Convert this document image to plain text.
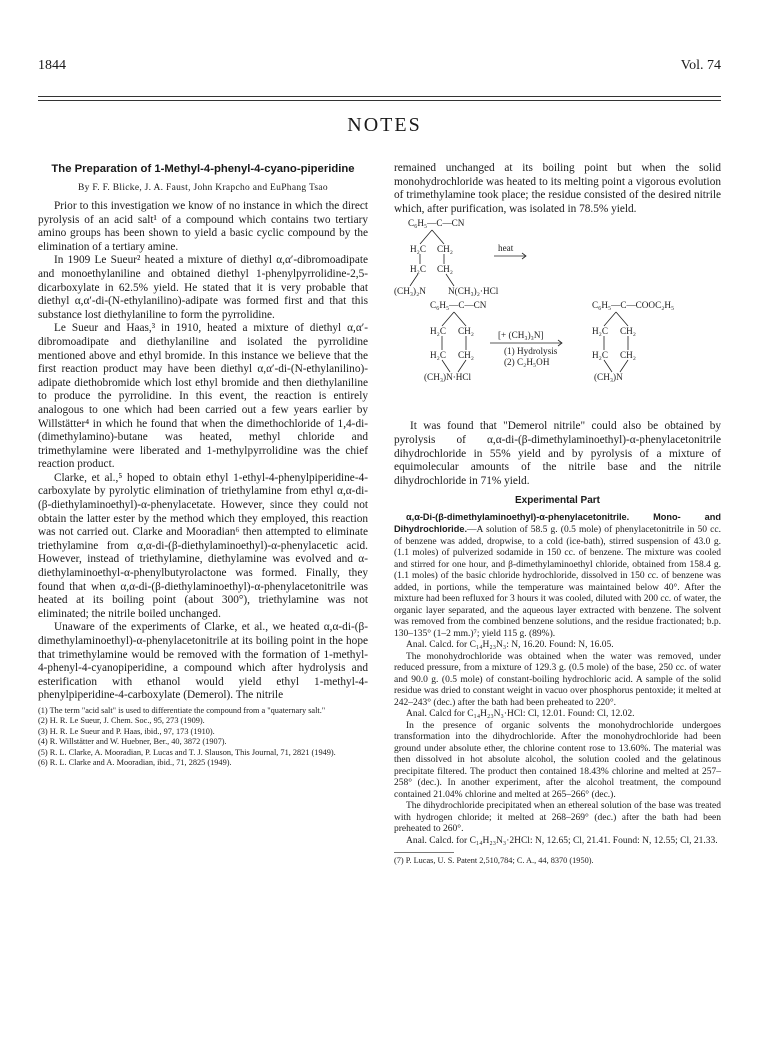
1844	Vol. 74
NOTES
The Preparation of 1-Methyl-4-phenyl-4-cyano-piperidine
By F. F. Blicke, J. A. Faust, John Krapcho and EuPhang Tsao

Prior to this investigation we know of no instance in which the direct pyrolysis of an acid salt¹ of a compound which contains two tertiary amino groups has been shown to yield a basic cyclic compound by the elimination of a tertiary amine.

In 1909 Le Sueur² heated a mixture of diethyl α,α′-dibromoadipate and monoethylaniline and obtained diethyl 1-phenylpyrrolidine-2,5-dicarboxylate in 62.5% yield. He stated that it is very probable that diethyl α,α′-di-(N-ethylanilino)-adipate was formed first and that this substance lost diethylaniline to form the pyrrolidine.

Le Sueur and Haas,³ in 1910, heated a mixture of diethyl α,α′-dibromoadipate and diethylaniline and isolated the pyrrolidine mentioned above and ethyl bromide. In this instance we believe that the first reaction product may have been diethyl α,α′-di-(N-ethylanilino)-adipate diethobromide which lost ethyl bromide and then diethylaniline to produce the pyrrolidine. In this event, the reaction is entirely analogous to one which had been carried out a few years earlier by Willstätter⁴ in which he found that when the dimethochloride of 1,4-di-(dimethylamino)-butane was heated, methyl chloride and trimethylamine were liberated and 1-methylpyrrolidine was the chief reaction product.

Clarke, et al.,⁵ hoped to obtain ethyl 1-ethyl-4-phenylpiperidine-4-carboxylate by pyrolytic elimination of triethylamine from ethyl α,α-di-(β-diethylaminoethyl)-α-phenylacetate. However, since they could not obtain the latter ester by the method which they employed, this reaction was not carried out. Clarke and Mooradian⁶ then attempted to eliminate triethylamine from α,α-di-(β-diethylaminoethyl)-α-phenylacetic acid. However, instead of triethylamine, diethylamine was evolved and α-diethylaminoethyl-α-phenylbutyrolactone was formed. Finally, they found that when α,α-di-(β-diethylaminoethyl)-α-phenylacetonitrile was heated at its boiling point (about 300°), triethylamine was not eliminated; the nitrile boiled unchanged.

Unaware of the experiments of Clarke, et al., we heated α,α-di-(β-dimethylaminoethyl)-α-phenylacetonitrile at its boiling point in the hope that trimethylamine would be removed with the formation of 1-methyl-4-phenyl-4-cyanopiperidine, a compound which after hydrolysis and esterification with ethanol would yield ethyl 1-methyl-4-phenylpiperidine-4-carboxylate (Demerol). The nitrile

(1) The term "acid salt" is used to differentiate the compound from a "quaternary salt."
(2) H. R. Le Sueur, J. Chem. Soc., 95, 273 (1909).
(3) H. R. Le Sueur and P. Haas, ibid., 97, 173 (1910).
(4) R. Willstätter and W. Huebner, Ber., 40, 3872 (1907).
(5) R. L. Clarke, A. Mooradian, P. Lucas and T. J. Slauson, This Journal, 71, 2821 (1949).
(6) R. L. Clarke and A. Mooradian, ibid., 71, 2825 (1949).

remained unchanged at its boiling point but when the solid monohydrochloride was heated to its melting point a vigorous evolution of trimethylamine took place; the residue consisted of the desired nitrile which, after purification, was isolated in 78.5% yield.

C₆H₅—C—CN
H₂C CH₂
H₂C CH₂
(CH₃)₂N N(CH₃)₂·HCl
heat
C₆H₅—C—CN
H₂C CH₂
H₂C CH₂
(CH₃)N·HCl
[+ (CH₃)₃N]
(1) Hydrolysis
(2) C₂H₅OH
C₆H₅—C—COOC₂H₅
H₂C CH₂
H₂C CH₂
(CH₃)N

It was found that "Demerol nitrile" could also be obtained by pyrolysis of α,α-di-(β-dimethylaminoethyl)-α-phenylacetonitrile dihydrochloride in 55% yield and by pyrolysis of a mixture of equimolecular amounts of the nitrile base and the nitrile dihydrochloride in 71% yield.

Experimental Part

α,α-Di-(β-dimethylaminoethyl)-α-phenylacetonitrile. Mono- and Dihydrochloride.—A solution of 58.5 g. (0.5 mole) of phenylacetonitrile in 50 cc. of benzene was added, dropwise, to a cold (ice-bath), stirred suspension of 43.0 g. (1.1 moles) of pulverized sodamide in 150 cc. of benzene. The mixture was cooled and stirred for one hour, and β-dimethylaminoethyl chloride, obtained from 158.4 g. (1.1 moles) of the basic chloride hydrochloride, dissolved in 150 cc. of benzene was added, in portions, while the temperature was maintained below 40°. After the mixture had been refluxed for 3 hours it was cooled, diluted with 200 cc. of water, the organic layer separated, and the aqueous layer extracted with benzene. The solvent was removed from the combined benzene solutions, and the residue fractionated; b.p. 130–135° (1–2 mm.)⁷; yield 115 g. (89%).

Anal. Calcd. for C₁₄H₂₃N₃: N, 16.20. Found: N, 16.05.

The monohydrochloride was obtained when the water was removed, under reduced pressure, from a mixture of 129.3 g. (0.5 mole) of the base, 250 cc. of water and 90.0 g. (0.5 mole) of constant-boiling hydrochloric acid. A sample of the solid residue was dried to constant weight in vacuo over phosphorus pentoxide; it melted at 242–243° (dec.) after the bath had been preheated to 220°.

Anal. Calcd for C₁₄H₂₃N₃·HCl: Cl, 12.01. Found: Cl, 12.02.

In the presence of organic solvents the monohydrochloride undergoes transformation into the dihydrochloride. After the monohydrochloride had been ground under absolute ether, the chlorine content rose to 13.60%. The material was then dissolved in hot absolute alcohol, the solution cooled and the gelatinous precipitate filtered. The product then contained 18.43% chlorine and melted at 257–258° (dec.). In another experiment, after the alcohol treatment, the compound contained 21.04% chlorine and melted at 265–266° (dec.).

The dihydrochloride precipitated when an ethereal solution of the base was treated with hydrogen chloride; it melted at 268–269° (dec.) after the bath had been preheated to 260°.

Anal. Calcd. for C₁₄H₂₃N₃·2HCl: N, 12.65; Cl, 21.41. Found: N, 12.55; Cl, 21.33.

(7) P. Lucas, U. S. Patent 2,510,784; C. A., 44, 8370 (1950).
